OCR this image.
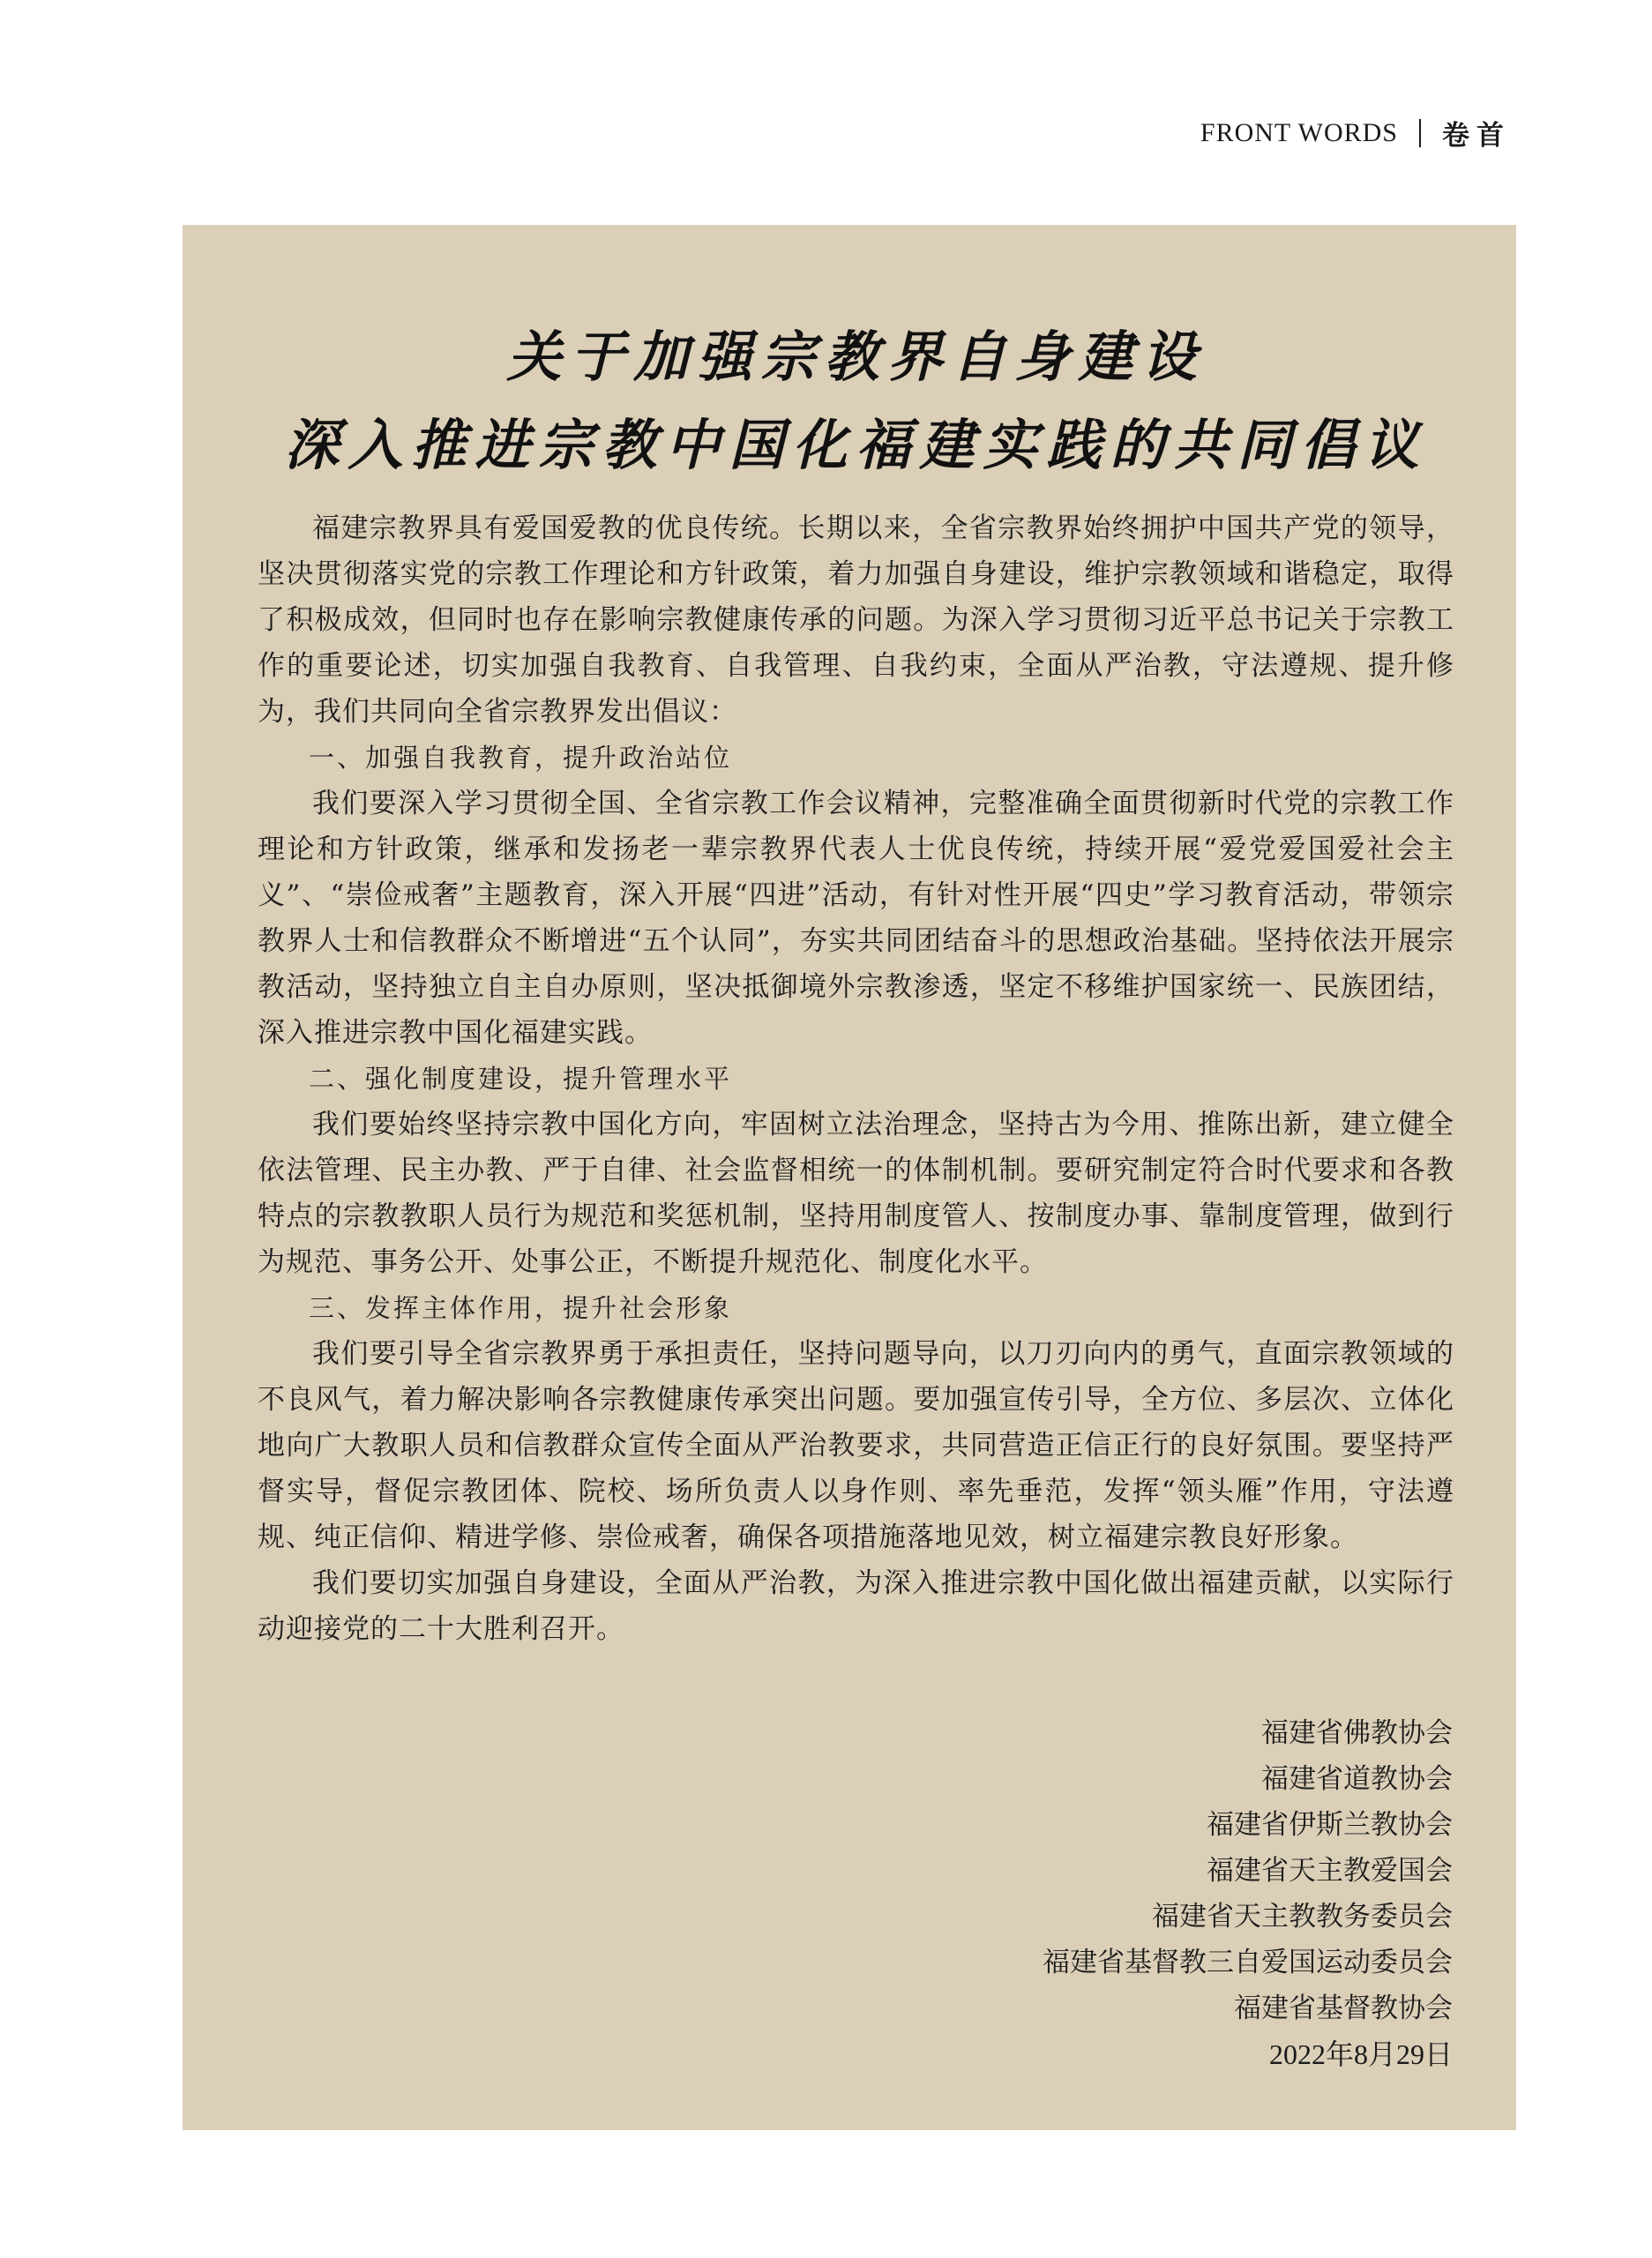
FRONT WORDS 卷首
关于加强宗教界自身建设
深入推进宗教中国化福建实践的共同倡议

福建宗教界具有爱国爱教的优良传统。长期以来，全省宗教界始终拥护中国共产党的领导，坚决贯彻落实党的宗教工作理论和方针政策，着力加强自身建设，维护宗教领域和谐稳定，取得了积极成效，但同时也存在影响宗教健康传承的问题。为深入学习贯彻习近平总书记关于宗教工作的重要论述，切实加强自我教育、自我管理、自我约束，全面从严治教，守法遵规、提升修为，我们共同向全省宗教界发出倡议：

一、加强自我教育，提升政治站位

我们要深入学习贯彻全国、全省宗教工作会议精神，完整准确全面贯彻新时代党的宗教工作理论和方针政策，继承和发扬老一辈宗教界代表人士优良传统，持续开展“爱党爱国爱社会主义”、“崇俭戒奢”主题教育，深入开展“四进”活动，有针对性开展“四史”学习教育活动，带领宗教界人士和信教群众不断增进“五个认同”，夯实共同团结奋斗的思想政治基础。坚持依法开展宗教活动，坚持独立自主自办原则，坚决抵御境外宗教渗透，坚定不移维护国家统一、民族团结，深入推进宗教中国化福建实践。

二、强化制度建设，提升管理水平

我们要始终坚持宗教中国化方向，牢固树立法治理念，坚持古为今用、推陈出新，建立健全依法管理、民主办教、严于自律、社会监督相统一的体制机制。要研究制定符合时代要求和各教特点的宗教教职人员行为规范和奖惩机制，坚持用制度管人、按制度办事、靠制度管理，做到行为规范、事务公开、处事公正，不断提升规范化、制度化水平。

三、发挥主体作用，提升社会形象

我们要引导全省宗教界勇于承担责任，坚持问题导向，以刀刃向内的勇气，直面宗教领域的不良风气，着力解决影响各宗教健康传承突出问题。要加强宣传引导，全方位、多层次、立体化地向广大教职人员和信教群众宣传全面从严治教要求，共同营造正信正行的良好氛围。要坚持严督实导，督促宗教团体、院校、场所负责人以身作则、率先垂范，发挥“领头雁”作用，守法遵规、纯正信仰、精进学修、崇俭戒奢，确保各项措施落地见效，树立福建宗教良好形象。

我们要切实加强自身建设，全面从严治教，为深入推进宗教中国化做出福建贡献，以实际行动迎接党的二十大胜利召开。

福建省佛教协会
福建省道教协会
福建省伊斯兰教协会
福建省天主教爱国会
福建省天主教教务委员会
福建省基督教三自爱国运动委员会
福建省基督教协会
2022年8月29日
